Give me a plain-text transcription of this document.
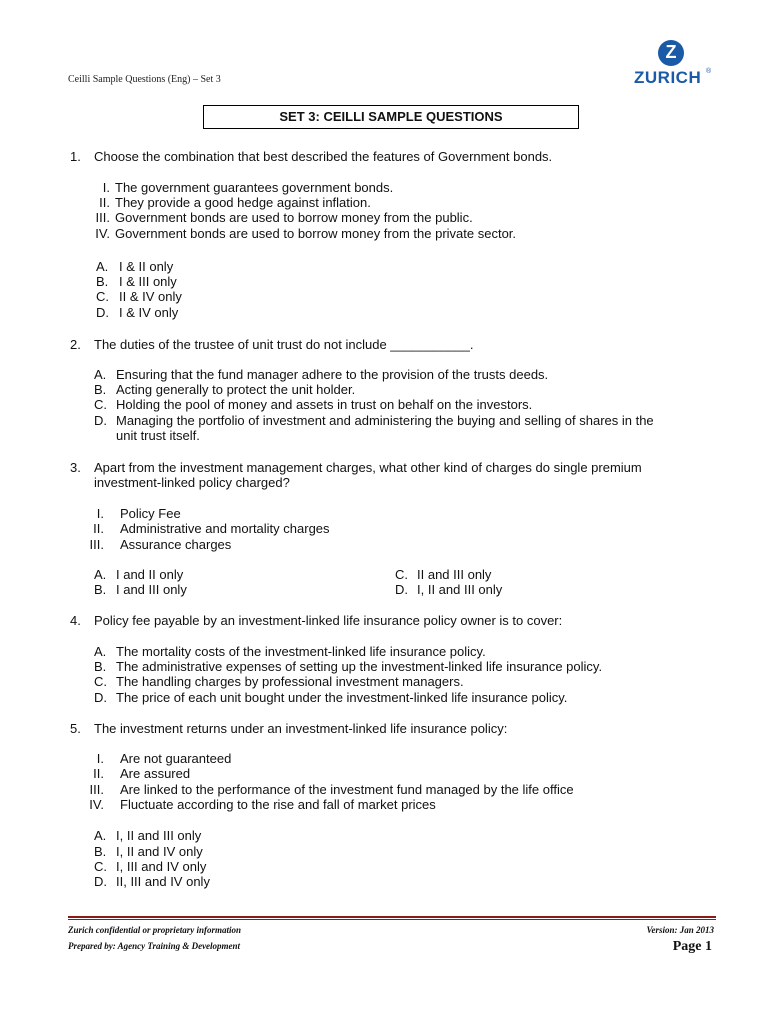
Ceilli Sample Questions (Eng) – Set 3
Z
ZURICH ®
SET 3: CEILLI SAMPLE QUESTIONS
1. Choose the combination that best described the features of Government bonds.
I. The government guarantees government bonds.
II. They provide a good hedge against inflation.
III. Government bonds are used to borrow money from the public.
IV. Government bonds are used to borrow money from the private sector.
A. I & II only
B. I & III only
C. II & IV only
D. I & IV only
2. The duties of the trustee of unit trust do not include ___________.
A. Ensuring that the fund manager adhere to the provision of the trusts deeds.
B. Acting generally to protect the unit holder.
C. Holding the pool of money and assets in trust on behalf on the investors.
D. Managing the portfolio of investment and administering the buying and selling of shares in the
unit trust itself.
3. Apart from the investment management charges, what other kind of charges do single premium
investment-linked policy charged?
I. Policy Fee
II. Administrative and mortality charges
III. Assurance charges
A. I and II only
B. I and III only
C. II and III only
D. I, II and III only
4. Policy fee payable by an investment-linked life insurance policy owner is to cover:
A. The mortality costs of the investment-linked life insurance policy.
B. The administrative expenses of setting up the investment-linked life insurance policy.
C. The handling charges by professional investment managers.
D. The price of each unit bought under the investment-linked life insurance policy.
5. The investment returns under an investment-linked life insurance policy:
I. Are not guaranteed
II. Are assured
III. Are linked to the performance of the investment fund managed by the life office
IV. Fluctuate according to the rise and fall of market prices
A. I, II and III only
B. I, II and IV only
C. I, III and IV only
D. II, III and IV only
Zurich confidential or proprietary information
Prepared by: Agency Training & Development
Version: Jan 2013
Page 1
